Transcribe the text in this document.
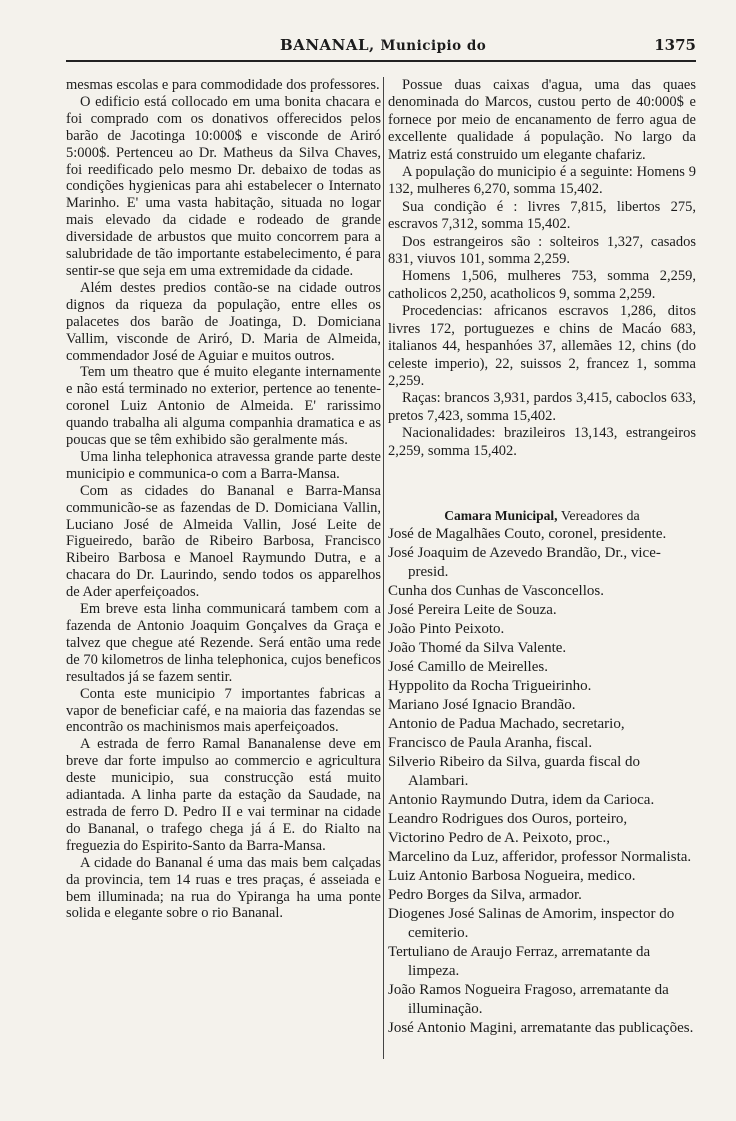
BANANAL, Municipio do	1375

mesmas escolas e para commodidade dos professores.

O edificio está collocado em uma bonita chacara e foi comprado com os donativos offerecidos pelos barão de Jacotinga 10:000$ e visconde de Ariró 5:000$. Pertenceu ao Dr. Matheus da Silva Chaves, foi reedificado pelo mesmo Dr. debaixo de todas as condições hygienicas para ahi estabelecer o Internato Marinho. E' uma vasta habitação, situada no logar mais elevado da cidade e rodeado de grande diversidade de arbustos que muito concorrem para a salubridade de tão importante estabelecimento, é para sentir-se que seja em uma extremidade da cidade.

Além destes predios contão-se na cidade outros dignos da riqueza da população, entre elles os palacetes dos barão de Joatinga, D. Domiciana Vallim, visconde de Ariró, D. Maria de Almeida, commendador José de Aguiar e muitos outros.

Tem um theatro que é muito elegante internamente e não está terminado no exterior, pertence ao tenente-coronel Luiz Antonio de Almeida. E' rarissimo quando trabalha ali alguma companhia dramatica e as poucas que se têm exhibido são geralmente más.

Uma linha telephonica atravessa grande parte deste municipio e communica-o com a Barra-Mansa.

Com as cidades do Bananal e Barra-Mansa communicão-se as fazendas de D. Domiciana Vallin, Luciano José de Almeida Vallin, José Leite de Figueiredo, barão de Ribeiro Barbosa, Francisco Ribeiro Barbosa e Manoel Raymundo Dutra, e a chacara do Dr. Laurindo, sendo todos os apparelhos de Ader aperfeiçoados.

Em breve esta linha communicará tambem com a fazenda de Antonio Joaquim Gonçalves da Graça e talvez que chegue até Rezende. Será então uma rede de 70 kilometros de linha telephonica, cujos beneficos resultados já se fazem sentir.

Conta este municipio 7 importantes fabricas a vapor de beneficiar café, e na maioria das fazendas se encontrão os machinismos mais aperfeiçoados.

A estrada de ferro Ramal Bananalense deve em breve dar forte impulso ao commercio e agricultura deste municipio, sua construcção está muito adiantada. A linha parte da estação da Saudade, na estrada de ferro D. Pedro II e vai terminar na cidade do Bananal, o trafego chega já á E. do Rialto na freguezia do Espirito-Santo da Barra-Mansa.

A cidade do Bananal é uma das mais bem calçadas da provincia, tem 14 ruas e tres praças, é asseiada e bem illuminada; na rua do Ypiranga ha uma ponte solida e elegante sobre o rio Bananal.

Possue duas caixas d'agua, uma das quaes denominada do Marcos, custou perto de 40:000$ e fornece por meio de encanamento de ferro agua de excellente qualidade á população. No largo da Matriz está construido um elegante chafariz.

A população do municipio é a seguinte: Homens 9 132, mulheres 6,270, somma 15,402.

Sua condição é : livres 7,815, libertos 275, escravos 7,312, somma 15,402.

Dos estrangeiros são : solteiros 1,327, casados 831, viuvos 101, somma 2,259.

Homens 1,506, mulheres 753, somma 2,259, catholicos 2,250, acatholicos 9, somma 2,259.

Procedencias: africanos escravos 1,286, ditos livres 172, portuguezes e chins de Macáo 683, italianos 44, hespanhóes 37, allemães 12, chins (do celeste imperio), 22, suissos 2, francez 1, somma 2,259.

Raças: brancos 3,931, pardos 3,415, caboclos 633, pretos 7,423, somma 15,402.

Nacionalidades: brazileiros 13,143, estrangeiros 2,259, somma 15,402.

Camara Municipal, Vereadores da

José de Magalhães Couto, coronel, presidente.

José Joaquim de Azevedo Brandão, Dr., vice-presid.

Cunha dos Cunhas de Vasconcellos.

José Pereira Leite de Souza.

João Pinto Peixoto.

João Thomé da Silva Valente.

José Camillo de Meirelles.

Hyppolito da Rocha Trigueirinho.

Mariano José Ignacio Brandão.

Antonio de Padua Machado, secretario,

Francisco de Paula Aranha, fiscal.

Silverio Ribeiro da Silva, guarda fiscal do Alambari.

Antonio Raymundo Dutra, idem da Carioca.

Leandro Rodrigues dos Ouros, porteiro,

Victorino Pedro de A. Peixoto, proc.,

Marcelino da Luz, afferidor, professor Normalista.

Luiz Antonio Barbosa Nogueira, medico.

Pedro Borges da Silva, armador.

Diogenes José Salinas de Amorim, inspector do cemiterio.

Tertuliano de Araujo Ferraz, arrematante da limpeza.

João Ramos Nogueira Fragoso, arrematante da illuminação.

José Antonio Magini, arrematante das publicações.
